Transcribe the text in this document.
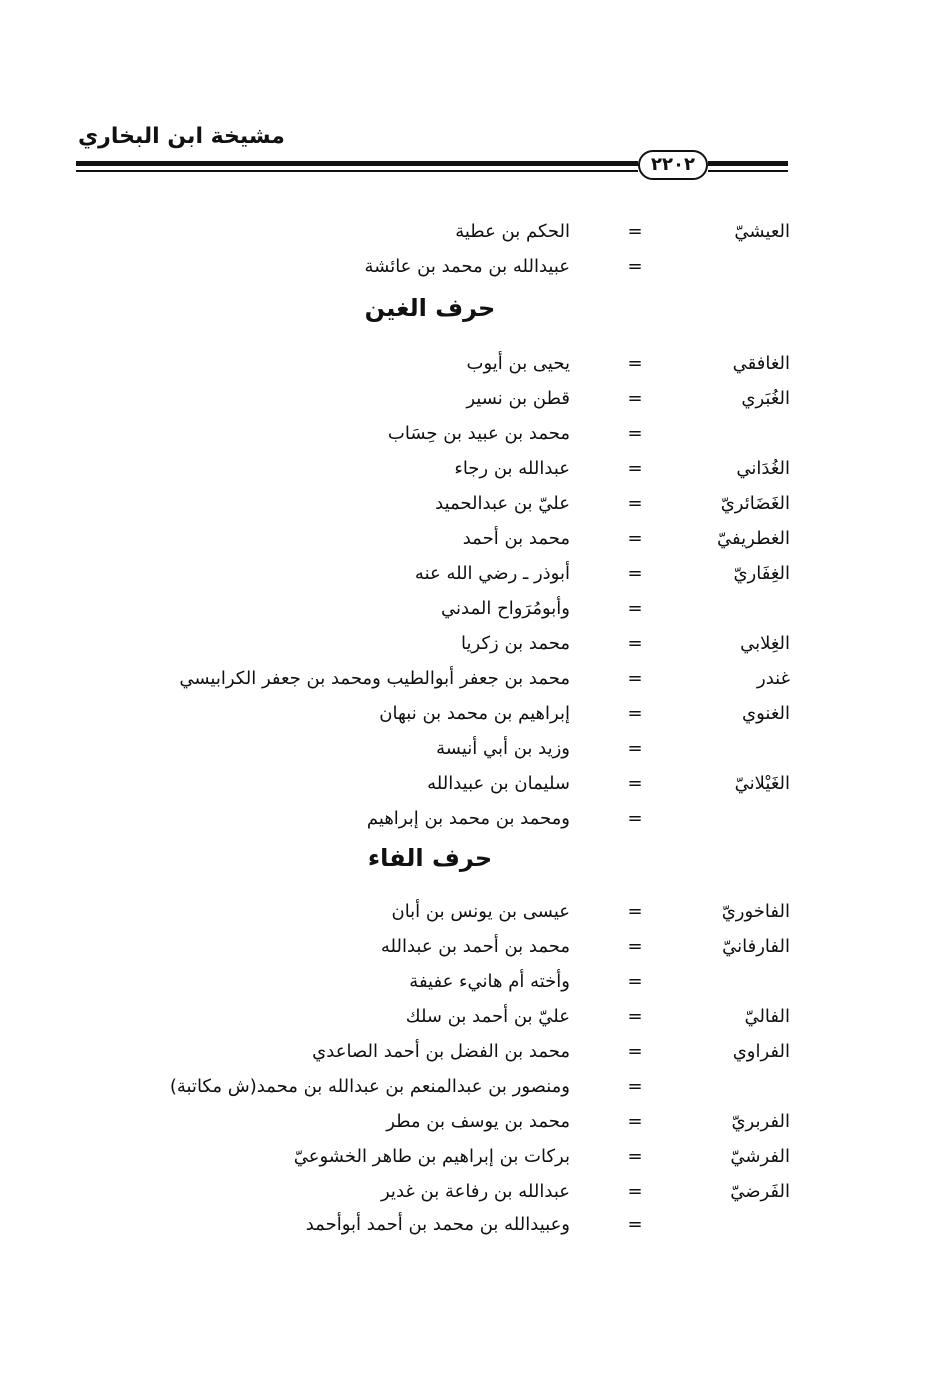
مشيخة ابن البخاري
٢٢٠٢
العيشيّ
=
الحكم بن عطية
=
عبيدالله بن محمد بن عائشة
حرف الغين
الغافقي
=
يحيى بن أيوب
الغُبَري
=
قطن بن نسير
=
محمد بن عبيد بن حِسَاب
الغُدَاني
=
عبدالله بن رجاء
الغَضَائريّ
=
عليّ بن عبدالحميد
الغطريفيّ
=
محمد بن أحمد
الغِفَاريّ
=
أبوذر ـ رضي الله عنه
=
وأبومُرَواح المدني
الغِلابي
=
محمد بن زكريا
غندر
=
محمد بن جعفر أبوالطيب ومحمد بن جعفر الكرابيسي
الغنوي
=
إبراهيم بن محمد بن نبهان
=
وزيد بن أبي أنيسة
الغَيْلانيّ
=
سليمان بن عبيدالله
=
ومحمد بن محمد بن إبراهيم
حرف الفاء
الفاخوريّ
=
عيسى بن يونس بن أبان
الفارفانيّ
=
محمد بن أحمد بن عبدالله
=
وأخته أم هانيء عفيفة
الفاليّ
=
عليّ بن أحمد بن سلك
الفراوي
=
محمد بن الفضل بن أحمد الصاعدي
=
ومنصور بن عبدالمنعم بن عبدالله بن محمد(ش مكاتبة)
الفربريّ
=
محمد بن يوسف بن مطر
الفرشيّ
=
بركات بن إبراهيم بن طاهر الخشوعيّ
الفَرضيّ
=
عبدالله بن رفاعة بن غدير
=
وعبيدالله بن محمد بن أحمد أبوأحمد
